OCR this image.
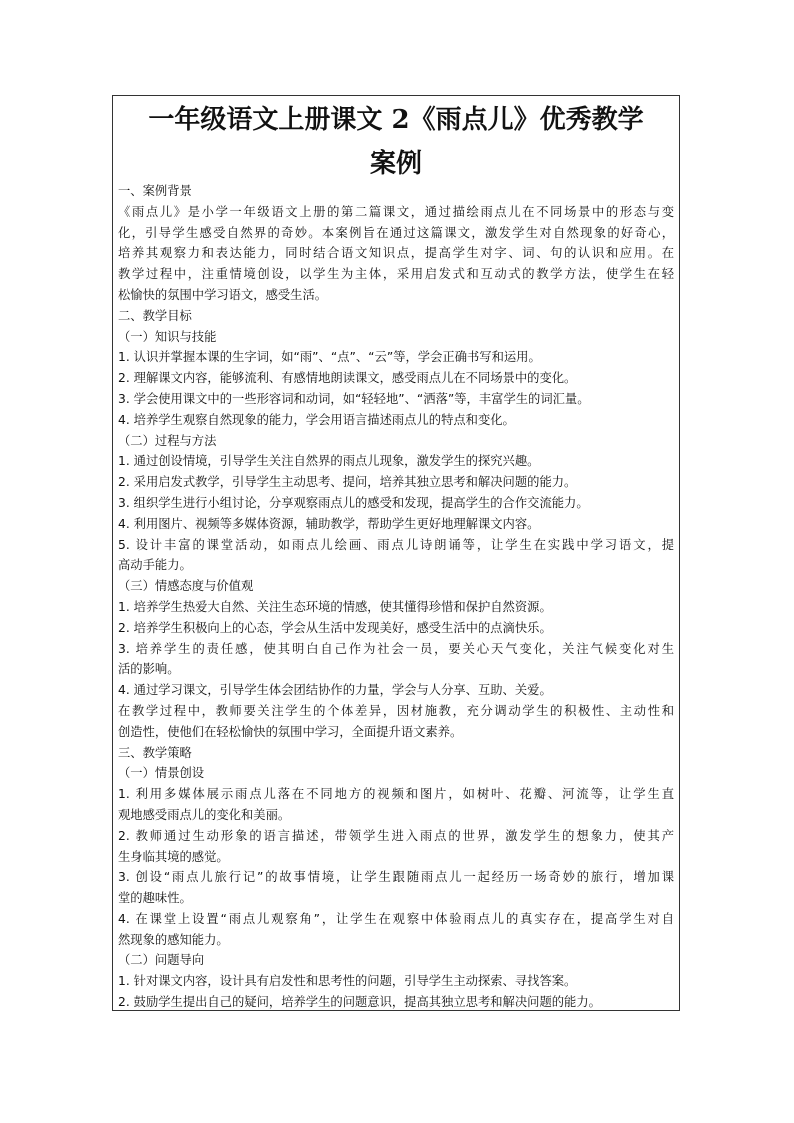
一年级语文上册课文 2《雨点儿》优秀教学
案例
一、案例背景
《雨点儿》是小学一年级语文上册的第二篇课文，通过描绘雨点儿在不同场景中的形态与变
化，引导学生感受自然界的奇妙。本案例旨在通过这篇课文，激发学生对自然现象的好奇心，
培养其观察力和表达能力，同时结合语文知识点，提高学生对字、词、句的认识和应用。在
教学过程中，注重情境创设，以学生为主体，采用启发式和互动式的教学方法，使学生在轻
松愉快的氛围中学习语文，感受生活。
二、教学目标
（一）知识与技能
1. 认识并掌握本课的生字词，如“雨”、“点”、“云”等，学会正确书写和运用。
2. 理解课文内容，能够流利、有感情地朗读课文，感受雨点儿在不同场景中的变化。
3. 学会使用课文中的一些形容词和动词，如“轻轻地”、“洒落”等，丰富学生的词汇量。
4. 培养学生观察自然现象的能力，学会用语言描述雨点儿的特点和变化。
（二）过程与方法
1. 通过创设情境，引导学生关注自然界的雨点儿现象，激发学生的探究兴趣。
2. 采用启发式教学，引导学生主动思考、提问，培养其独立思考和解决问题的能力。
3. 组织学生进行小组讨论，分享观察雨点儿的感受和发现，提高学生的合作交流能力。
4. 利用图片、视频等多媒体资源，辅助教学，帮助学生更好地理解课文内容。
5. 设计丰富的课堂活动，如雨点儿绘画、雨点儿诗朗诵等，让学生在实践中学习语文，提
高动手能力。
（三）情感态度与价值观
1. 培养学生热爱大自然、关注生态环境的情感，使其懂得珍惜和保护自然资源。
2. 培养学生积极向上的心态，学会从生活中发现美好，感受生活中的点滴快乐。
3. 培养学生的责任感，使其明白自己作为社会一员，要关心天气变化，关注气候变化对生
活的影响。
4. 通过学习课文，引导学生体会团结协作的力量，学会与人分享、互助、关爱。
在教学过程中，教师要关注学生的个体差异，因材施教，充分调动学生的积极性、主动性和
创造性，使他们在轻松愉快的氛围中学习，全面提升语文素养。
三、教学策略
（一）情景创设
1. 利用多媒体展示雨点儿落在不同地方的视频和图片，如树叶、花瓣、河流等，让学生直
观地感受雨点儿的变化和美丽。
2. 教师通过生动形象的语言描述，带领学生进入雨点的世界，激发学生的想象力，使其产
生身临其境的感觉。
3. 创设“雨点儿旅行记”的故事情境，让学生跟随雨点儿一起经历一场奇妙的旅行，增加课
堂的趣味性。
4. 在课堂上设置“雨点儿观察角”，让学生在观察中体验雨点儿的真实存在，提高学生对自
然现象的感知能力。
（二）问题导向
1. 针对课文内容，设计具有启发性和思考性的问题，引导学生主动探索、寻找答案。
2. 鼓励学生提出自己的疑问，培养学生的问题意识，提高其独立思考和解决问题的能力。
